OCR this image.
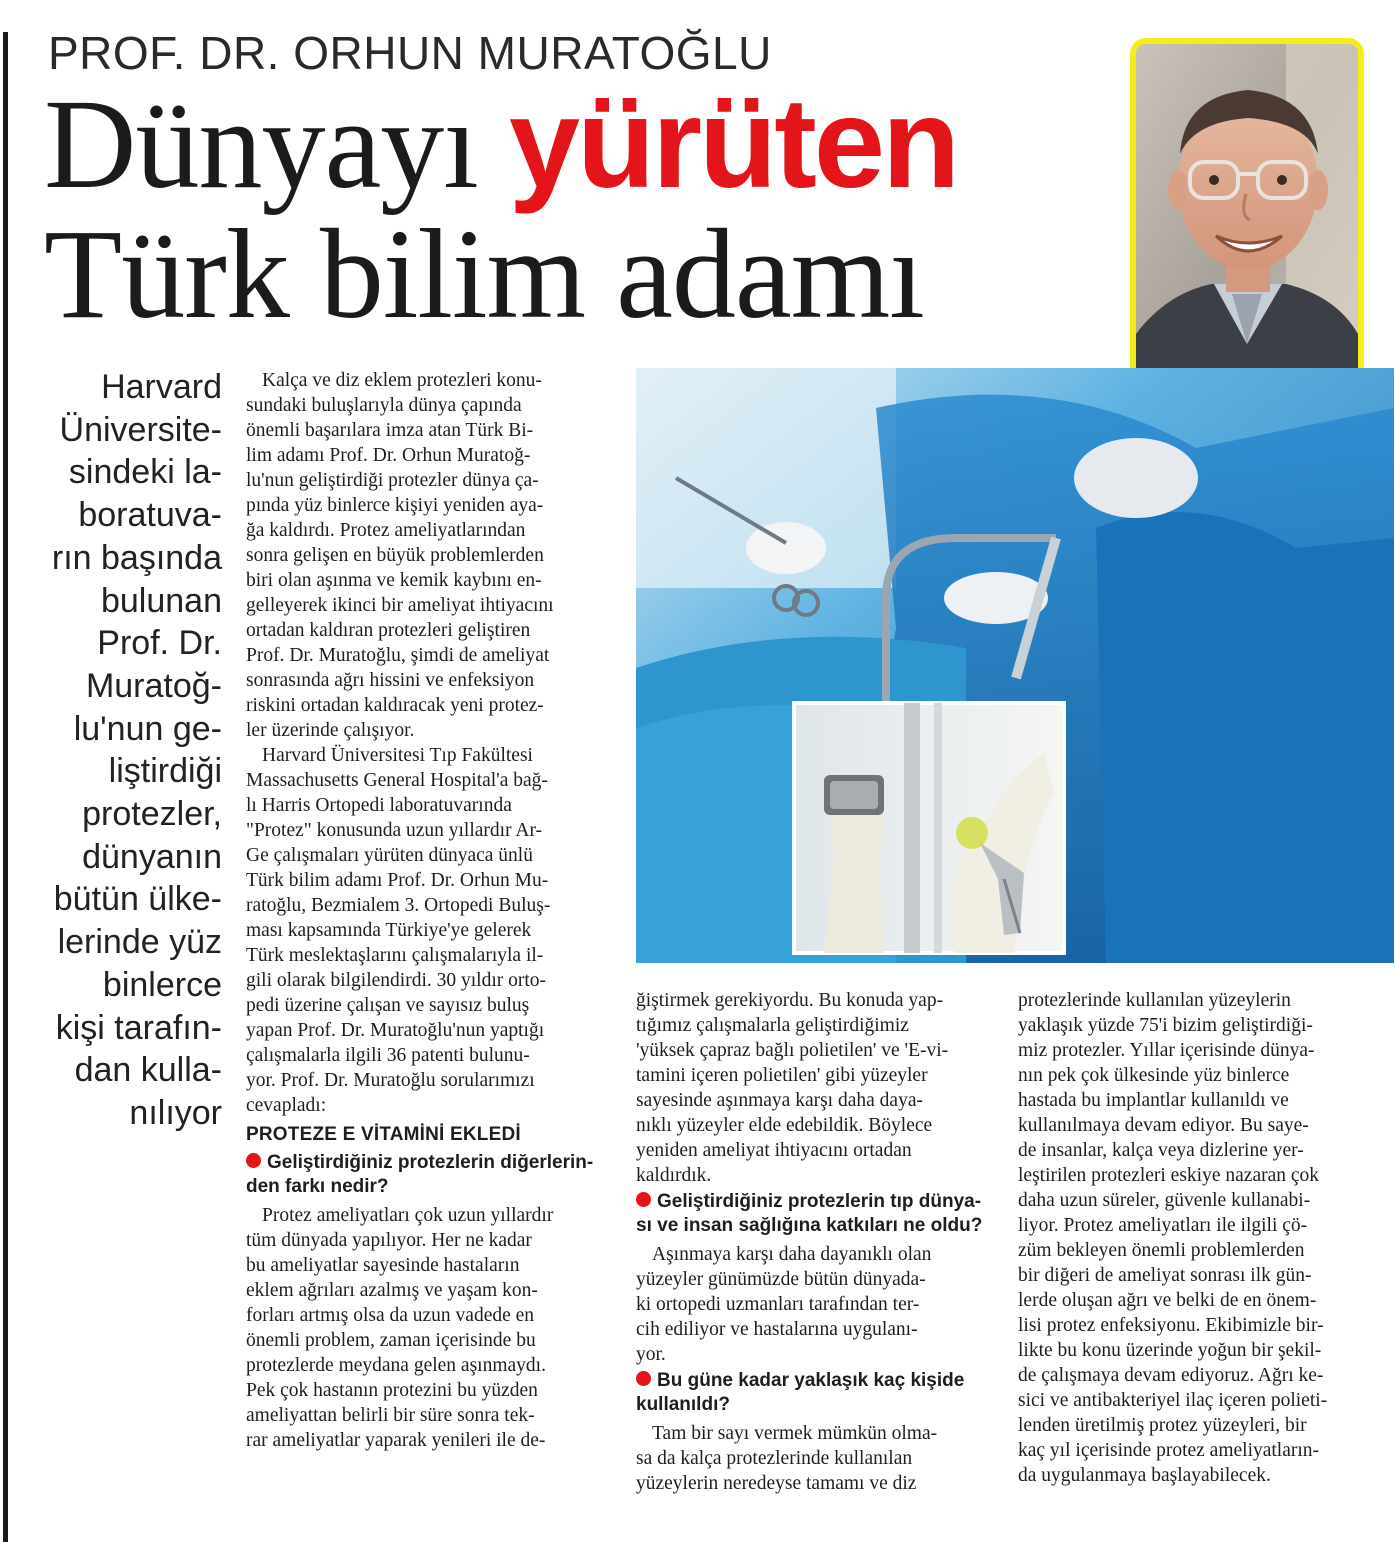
PROF. DR. ORHUN MURATOĞLU
Dünyayı yürüten
Türk bilim adamı
Harvard
Üniversite-
sindeki la-
boratuva-
rın başında
bulunan
Prof. Dr.
Muratoğ-
lu'nun ge-
liştirdiği
protezler,
dünyanın
bütün ülke-
lerinde yüz
binlerce
kişi tarafın-
dan kulla-
nılıyor

Kalça ve diz eklem protezleri konu-
sundaki buluşlarıyla dünya çapında
önemli başarılara imza atan Türk Bi-
lim adamı Prof. Dr. Orhun Muratoğ-
lu'nun geliştirdiği protezler dünya ça-
pında yüz binlerce kişiyi yeniden aya-
ğa kaldırdı. Protez ameliyatlarından
sonra gelişen en büyük problemlerden
biri olan aşınma ve kemik kaybını en-
gelleyerek ikinci bir ameliyat ihtiyacını
ortadan kaldıran protezleri geliştiren
Prof. Dr. Muratoğlu, şimdi de ameliyat
sonrasında ağrı hissini ve enfeksiyon
riskini ortadan kaldıracak yeni protez-
ler üzerinde çalışıyor.

Harvard Üniversitesi Tıp Fakültesi
Massachusetts General Hospital'a bağ-
lı Harris Ortopedi laboratuvarında
"Protez" konusunda uzun yıllardır Ar-
Ge çalışmaları yürüten dünyaca ünlü
Türk bilim adamı Prof. Dr. Orhun Mu-
ratoğlu, Bezmialem 3. Ortopedi Buluş-
ması kapsamında Türkiye'ye gelerek
Türk meslektaşlarını çalışmalarıyla il-
gili olarak bilgilendirdi. 30 yıldır orto-
pedi üzerine çalışan ve sayısız buluş
yapan Prof. Dr. Muratoğlu'nun yaptığı
çalışmalarla ilgili 36 patenti bulunu-
yor. Prof. Dr. Muratoğlu sorularımızı
cevapladı:

PROTEZE E VİTAMİNİ EKLEDİ
Geliştirdiğiniz protezlerin diğerlerin-
den farkı nedir?

Protez ameliyatları çok uzun yıllardır
tüm dünyada yapılıyor. Her ne kadar
bu ameliyatlar sayesinde hastaların
eklem ağrıları azalmış ve yaşam kon-
forları artmış olsa da uzun vadede en
önemli problem, zaman içerisinde bu
protezlerde meydana gelen aşınmaydı.
Pek çok hastanın protezini bu yüzden
ameliyattan belirli bir süre sonra tek-
rar ameliyatlar yaparak yenileri ile de-

ğiştirmek gerekiyordu. Bu konuda yap-
tığımız çalışmalarla geliştirdiğimiz
'yüksek çapraz bağlı polietilen' ve 'E-vi-
tamini içeren polietilen' gibi yüzeyler
sayesinde aşınmaya karşı daha daya-
nıklı yüzeyler elde edebildik. Böylece
yeniden ameliyat ihtiyacını ortadan
kaldırdık.

Geliştirdiğiniz protezlerin tıp dünya-
sı ve insan sağlığına katkıları ne oldu?

Aşınmaya karşı daha dayanıklı olan
yüzeyler günümüzde bütün dünyada-
ki ortopedi uzmanları tarafından ter-
cih ediliyor ve hastalarına uygulanı-
yor.

Bu güne kadar yaklaşık kaç kişide
kullanıldı?

Tam bir sayı vermek mümkün olma-
sa da kalça protezlerinde kullanılan
yüzeylerin neredeyse tamamı ve diz

protezlerinde kullanılan yüzeylerin
yaklaşık yüzde 75'i bizim geliştirdiği-
miz protezler. Yıllar içerisinde dünya-
nın pek çok ülkesinde yüz binlerce
hastada bu implantlar kullanıldı ve
kullanılmaya devam ediyor. Bu saye-
de insanlar, kalça veya dizlerine yer-
leştirilen protezleri eskiye nazaran çok
daha uzun süreler, güvenle kullanabi-
liyor. Protez ameliyatları ile ilgili çö-
züm bekleyen önemli problemlerden
bir diğeri de ameliyat sonrası ilk gün-
lerde oluşan ağrı ve belki de en önem-
lisi protez enfeksiyonu. Ekibimizle bir-
likte bu konu üzerinde yoğun bir şekil-
de çalışmaya devam ediyoruz. Ağrı ke-
sici ve antibakteriyel ilaç içeren polieti-
lenden üretilmiş protez yüzeyleri, bir
kaç yıl içerisinde protez ameliyatların-
da uygulanmaya başlayabilecek.
